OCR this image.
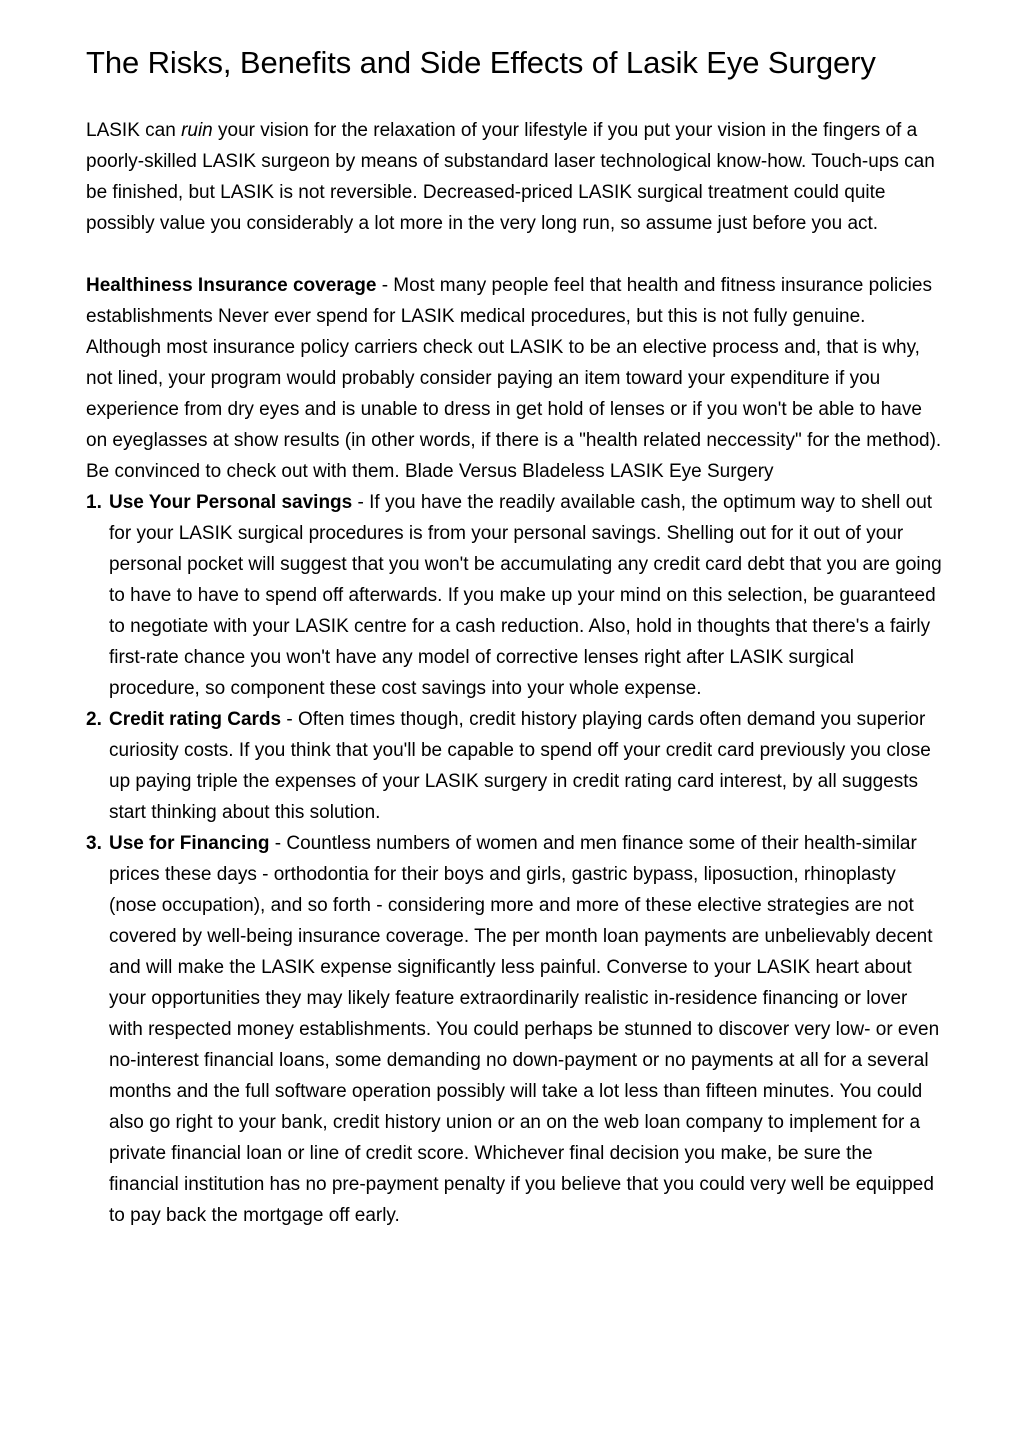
The Risks, Benefits and Side Effects of Lasik Eye Surgery

LASIK can ruin your vision for the relaxation of your lifestyle if you put your vision in the fingers of a poorly-skilled LASIK surgeon by means of substandard laser technological know-how. Touch-ups can be finished, but LASIK is not reversible. Decreased-priced LASIK surgical treatment could quite possibly value you considerably a lot more in the very long run, so assume just before you act.

Healthiness Insurance coverage - Most many people feel that health and fitness insurance policies establishments Never ever spend for LASIK medical procedures, but this is not fully genuine. Although most insurance policy carriers check out LASIK to be an elective process and, that is why, not lined, your program would probably consider paying an item toward your expenditure if you experience from dry eyes and is unable to dress in get hold of lenses or if you won't be able to have on eyeglasses at show results (in other words, if there is a "health related neccessity" for the method). Be convinced to check out with them. Blade Versus Bladeless LASIK Eye Surgery

1. Use Your Personal savings - If you have the readily available cash, the optimum way to shell out for your LASIK surgical procedures is from your personal savings. Shelling out for it out of your personal pocket will suggest that you won't be accumulating any credit card debt that you are going to have to have to spend off afterwards. If you make up your mind on this selection, be guaranteed to negotiate with your LASIK centre for a cash reduction. Also, hold in thoughts that there's a fairly first-rate chance you won't have any model of corrective lenses right after LASIK surgical procedure, so component these cost savings into your whole expense.
2. Credit rating Cards - Often times though, credit history playing cards often demand you superior curiosity costs. If you think that you'll be capable to spend off your credit card previously you close up paying triple the expenses of your LASIK surgery in credit rating card interest, by all suggests start thinking about this solution.
3. Use for Financing - Countless numbers of women and men finance some of their health-similar prices these days - orthodontia for their boys and girls, gastric bypass, liposuction, rhinoplasty (nose occupation), and so forth - considering more and more of these elective strategies are not covered by well-being insurance coverage. The per month loan payments are unbelievably decent and will make the LASIK expense significantly less painful. Converse to your LASIK heart about your opportunities they may likely feature extraordinarily realistic in-residence financing or lover with respected money establishments. You could perhaps be stunned to discover very low- or even no-interest financial loans, some demanding no down-payment or no payments at all for a several months and the full software operation possibly will take a lot less than fifteen minutes. You could also go right to your bank, credit history union or an on the web loan company to implement for a private financial loan or line of credit score. Whichever final decision you make, be sure the financial institution has no pre-payment penalty if you believe that you could very well be equipped to pay back the mortgage off early.
